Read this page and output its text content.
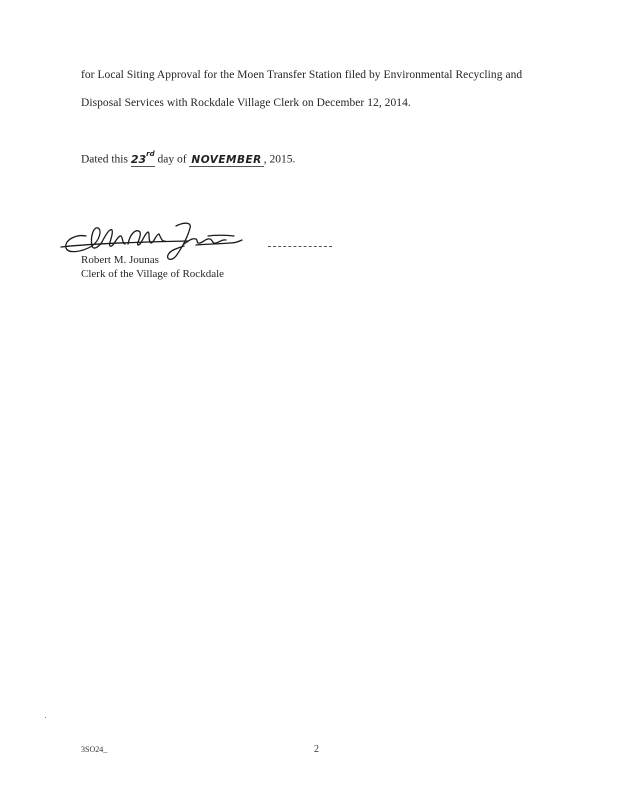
for Local Siting Approval for the Moen Transfer Station filed by Environmental Recycling and
Disposal Services with Rockdale Village Clerk on December 12, 2014.
Dated this 23rd day of NOVEMBER , 2015.
Robert M. Jounas
Clerk of the Village of Rockdale
3SO24_	2
